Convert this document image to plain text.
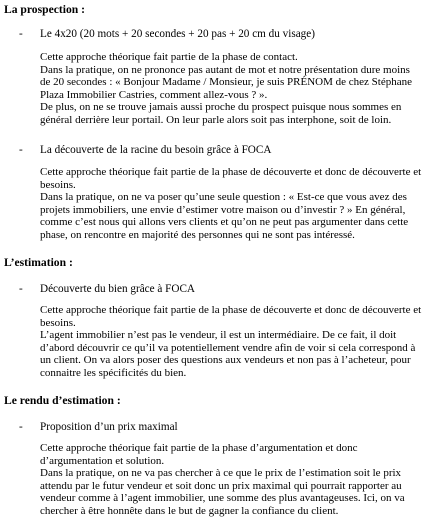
La prospection :

- Le 4x20 (20 mots + 20 secondes + 20 pas + 20 cm du visage)

Cette approche théorique fait partie de la phase de contact.
Dans la pratique, on ne prononce pas autant de mot et notre présentation dure moins
de 20 secondes : « Bonjour Madame / Monsieur, je suis PRÉNOM de chez Stéphane
Plaza Immobilier Castries, comment allez-vous ? ».
De plus, on ne se trouve jamais aussi proche du prospect puisque nous sommes en
général derrière leur portail. On leur parle alors soit pas interphone, soit de loin.

- La découverte de la racine du besoin grâce à FOCA

Cette approche théorique fait partie de la phase de découverte et donc de découverte et
besoins.
Dans la pratique, on ne va poser qu’une seule question : « Est-ce que vous avez des
projets immobiliers, une envie d’estimer votre maison ou d’investir ? » En général,
comme c’est nous qui allons vers clients et qu’on ne peut pas argumenter dans cette
phase, on rencontre en majorité des personnes qui ne sont pas intéressé.

L’estimation :

- Découverte du bien grâce à FOCA

Cette approche théorique fait partie de la phase de découverte et donc de découverte et
besoins.
L’agent immobilier n’est pas le vendeur, il est un intermédiaire. De ce fait, il doit
d’abord découvrir ce qu’il va potentiellement vendre afin de voir si cela correspond à
un client. On va alors poser des questions aux vendeurs et non pas à l’acheteur, pour
connaitre les spécificités du bien.

Le rendu d’estimation :

- Proposition d’un prix maximal

Cette approche théorique fait partie de la phase d’argumentation et donc
d’argumentation et solution.
Dans la pratique, on ne va pas chercher à ce que le prix de l’estimation soit le prix
attendu par le futur vendeur et soit donc un prix maximal qui pourrait rapporter au
vendeur comme à l’agent immobilier, une somme des plus avantageuses. Ici, on va
chercher à être honnête dans le but de gagner la confiance du client.
